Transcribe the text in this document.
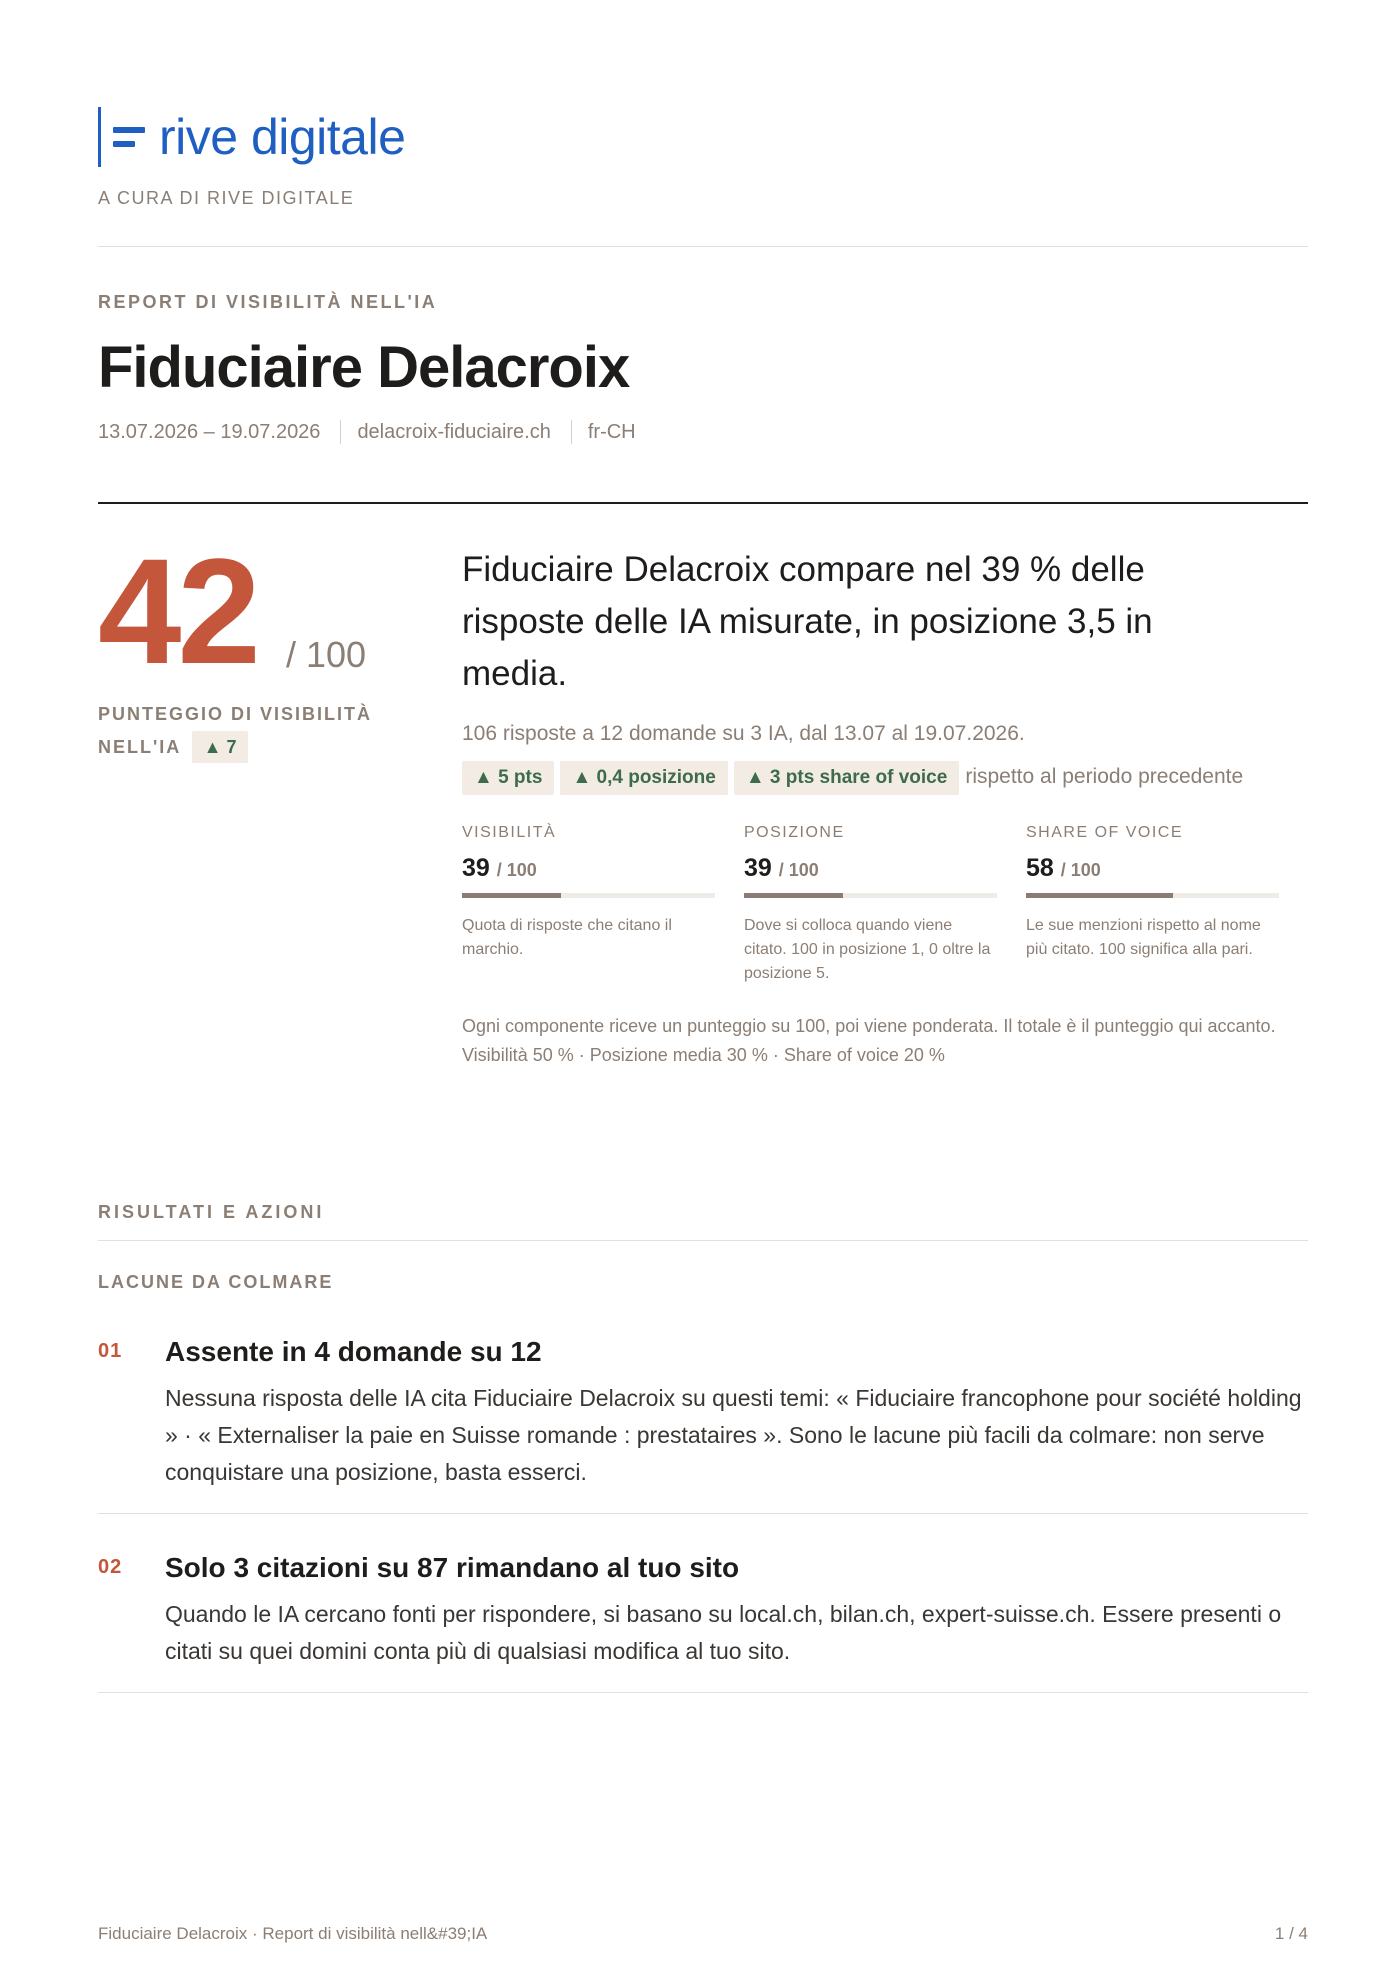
rive digitale
A CURA DI RIVE DIGITALE
REPORT DI VISIBILITÀ NELL'IA
Fiduciaire Delacroix
13.07.2026 – 19.07.2026 delacroix-fiduciaire.ch fr-CH
42 / 100
PUNTEGGIO DI VISIBILITÀ NELL'IA ▲ 7
Fiduciaire Delacroix compare nel 39 % delle risposte delle IA misurate, in posizione 3,5 in media.
106 risposte a 12 domande su 3 IA, dal 13.07 al 19.07.2026.
▲ 5 pts ▲ 0,4 posizione ▲ 3 pts share of voice rispetto al periodo precedente
VISIBILITÀ
39 / 100
Quota di risposte che citano il marchio.
POSIZIONE
39 / 100
Dove si colloca quando viene citato. 100 in posizione 1, 0 oltre la posizione 5.
SHARE OF VOICE
58 / 100
Le sue menzioni rispetto al nome più citato. 100 significa alla pari.
Ogni componente riceve un punteggio su 100, poi viene ponderata. Il totale è il punteggio qui accanto.
Visibilità 50 % · Posizione media 30 % · Share of voice 20 %
RISULTATI E AZIONI
LACUNE DA COLMARE
01 Assente in 4 domande su 12
Nessuna risposta delle IA cita Fiduciaire Delacroix su questi temi: « Fiduciaire francophone pour société holding » · « Externaliser la paie en Suisse romande : prestataires ». Sono le lacune più facili da colmare: non serve conquistare una posizione, basta esserci.
02 Solo 3 citazioni su 87 rimandano al tuo sito
Quando le IA cercano fonti per rispondere, si basano su local.ch, bilan.ch, expert-suisse.ch. Essere presenti o citati su quei domini conta più di qualsiasi modifica al tuo sito.
Fiduciaire Delacroix · Report di visibilità nell&#39;IA	1 / 4
